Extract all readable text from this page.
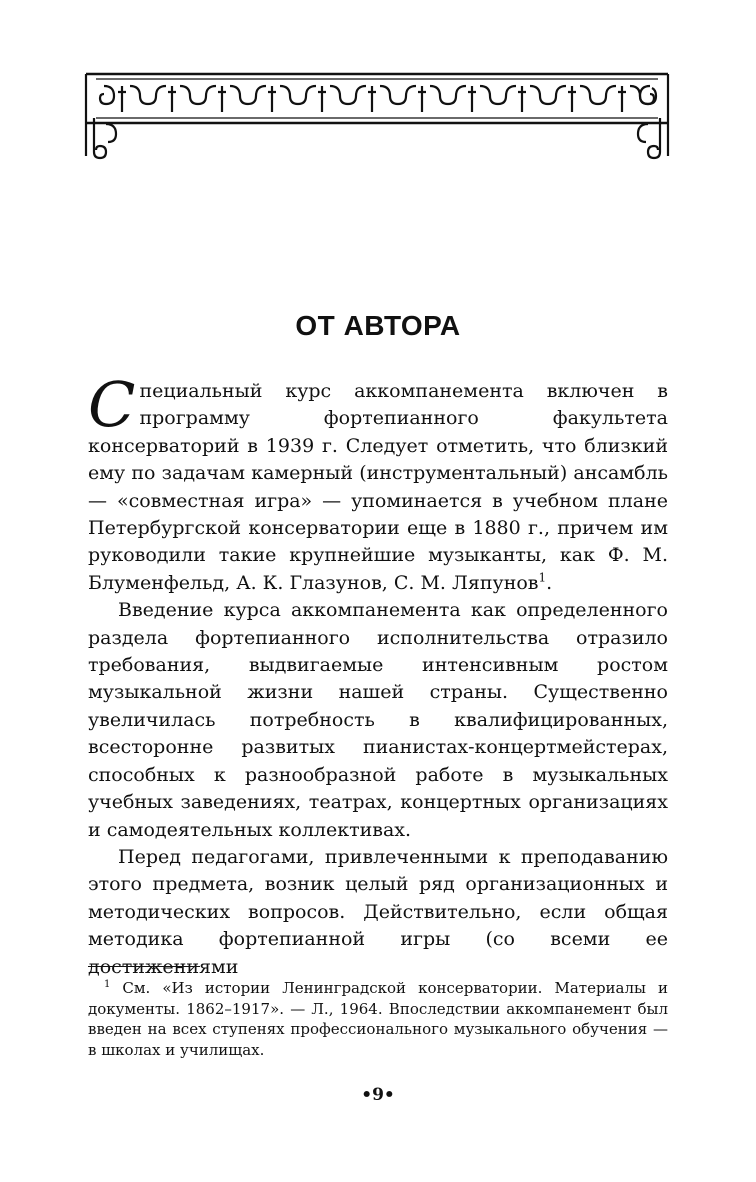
ОТ АВТОРА

Специальный курс аккомпанемента включен в программу фортепианного факультета консерваторий в 1939 г. Следует отметить, что близкий ему по задачам камерный (инструментальный) ансамбль — «совместная игра» — упоминается в учебном плане Петербургской консерватории еще в 1880 г., причем им руководили такие крупнейшие музыканты, как Ф. М. Блуменфельд, А. К. Глазунов, С. М. Ляпунов$^1$.

Введение курса аккомпанемента как определенного раздела фортепианного исполнительства отразило требования, выдвигаемые интенсивным ростом музыкальной жизни нашей страны. Существенно увеличилась потребность в квалифицированных, всесторонне развитых пианистах-концертмейстерах, способных к разнообразной работе в музыкальных учебных заведениях, театрах, концертных организациях и самодеятельных коллективах.

Перед педагогами, привлеченными к преподаванию этого предмета, возник целый ряд организационных и методических вопросов. Действительно, если общая методика фортепианной игры (со всеми ее достижениями

$^1$ См. «Из истории Ленинградской консерватории. Материалы и документы. 1862–1917». — Л., 1964. Впоследствии аккомпанемент был введен на всех ступенях профессионального музыкального обучения — в школах и училищах.

•9•
